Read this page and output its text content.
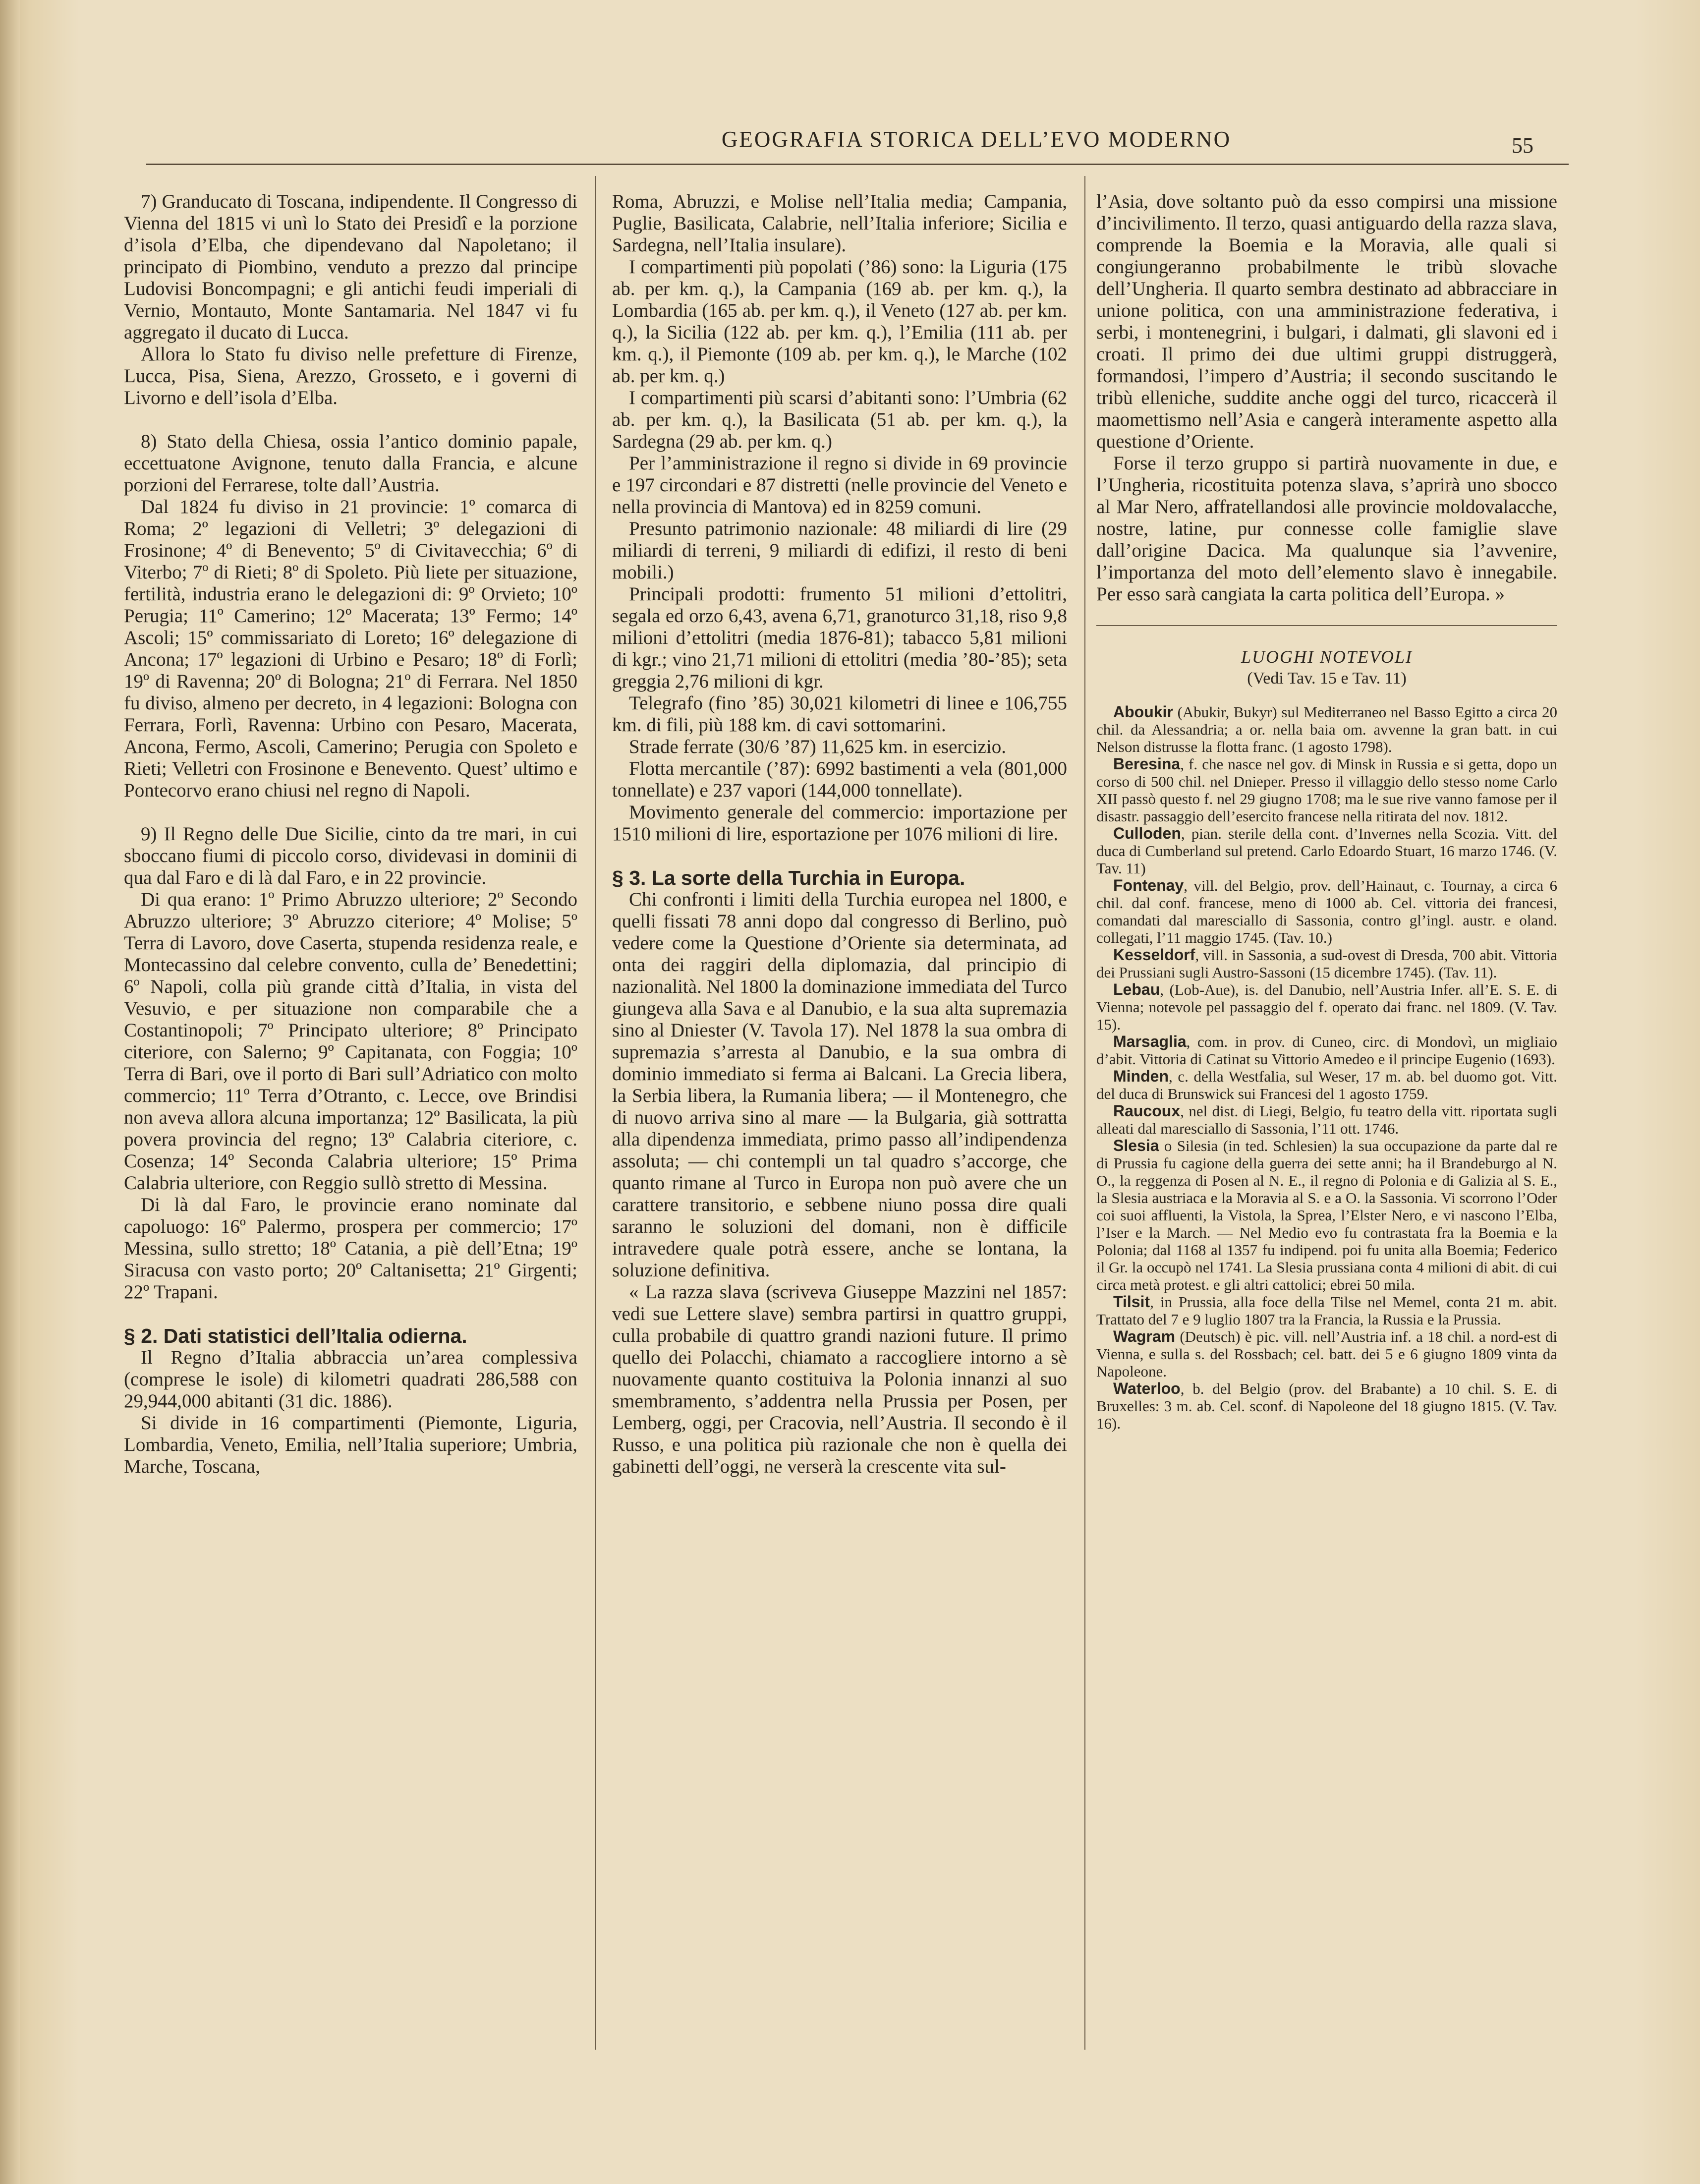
GEOGRAFIA STORICA DELL’EVO MODERNO	55

7) Granducato di Toscana, indipendente. Il Congresso di Vienna del 1815 vi unì lo Stato dei Presidî e la porzione d’isola d’Elba, che dipendevano dal Napoletano; il principato di Piombino, venduto a prezzo dal principe Ludovisi Boncompagni; e gli antichi feudi imperiali di Vernio, Montauto, Monte Santamaria. Nel 1847 vi fu aggregato il ducato di Lucca.

Allora lo Stato fu diviso nelle prefetture di Firenze, Lucca, Pisa, Siena, Arezzo, Grosseto, e i governi di Livorno e dell’isola d’Elba.

8) Stato della Chiesa, ossia l’antico dominio papale, eccettuatone Avignone, tenuto dalla Francia, e alcune porzioni del Ferrarese, tolte dall’Austria.

Dal 1824 fu diviso in 21 provincie: 1º comarca di Roma; 2º legazioni di Velletri; 3º delegazioni di Frosinone; 4º di Benevento; 5º di Civitavecchia; 6º di Viterbo; 7º di Rieti; 8º di Spoleto. Più liete per situazione, fertilità, industria erano le delegazioni di: 9º Orvieto; 10º Perugia; 11º Camerino; 12º Macerata; 13º Fermo; 14º Ascoli; 15º commissariato di Loreto; 16º delegazione di Ancona; 17º legazioni di Urbino e Pesaro; 18º di Forlì; 19º di Ravenna; 20º di Bologna; 21º di Ferrara. Nel 1850 fu diviso, almeno per decreto, in 4 legazioni: Bologna con Ferrara, Forlì, Ravenna: Urbino con Pesaro, Macerata, Ancona, Fermo, Ascoli, Camerino; Perugia con Spoleto e Rieti; Velletri con Frosinone e Benevento. Quest’ ultimo e Pontecorvo erano chiusi nel regno di Napoli.

9) Il Regno delle Due Sicilie, cinto da tre mari, in cui sboccano fiumi di piccolo corso, dividevasi in dominii di qua dal Faro e di là dal Faro, e in 22 provincie.

Di qua erano: 1º Primo Abruzzo ulteriore; 2º Secondo Abruzzo ulteriore; 3º Abruzzo citeriore; 4º Molise; 5º Terra di Lavoro, dove Caserta, stupenda residenza reale, e Montecassino dal celebre convento, culla de’ Benedettini; 6º Napoli, colla più grande città d’Italia, in vista del Vesuvio, e per situazione non comparabile che a Costantinopoli; 7º Principato ulteriore; 8º Principato citeriore, con Salerno; 9º Capitanata, con Foggia; 10º Terra di Bari, ove il porto di Bari sull’Adriatico con molto commercio; 11º Terra d’Otranto, c. Lecce, ove Brindisi non aveva allora alcuna importanza; 12º Basilicata, la più povera provincia del regno; 13º Calabria citeriore, c. Cosenza; 14º Seconda Calabria ulteriore; 15º Prima Calabria ulteriore, con Reggio sullò stretto di Messina.

Di là dal Faro, le provincie erano nominate dal capoluogo: 16º Palermo, prospera per commercio; 17º Messina, sullo stretto; 18º Catania, a piè dell’Etna; 19º Siracusa con vasto porto; 20º Caltanisetta; 21º Girgenti; 22º Trapani.

§ 2. Dati statistici dell’Italia odierna.

Il Regno d’Italia abbraccia un’area complessiva (comprese le isole) di kilometri quadrati 286,588 con 29,944,000 abitanti (31 dic. 1886).

Si divide in 16 compartimenti (Piemonte, Liguria, Lombardia, Veneto, Emilia, nell’Italia superiore; Umbria, Marche, Toscana,

Roma, Abruzzi, e Molise nell’Italia media; Campania, Puglie, Basilicata, Calabrie, nell’Italia inferiore; Sicilia e Sardegna, nell’Italia insulare).

I compartimenti più popolati (’86) sono: la Liguria (175 ab. per km. q.), la Campania (169 ab. per km. q.), la Lombardia (165 ab. per km. q.), il Veneto (127 ab. per km. q.), la Sicilia (122 ab. per km. q.), l’Emilia (111 ab. per km. q.), il Piemonte (109 ab. per km. q.), le Marche (102 ab. per km. q.)

I compartimenti più scarsi d’abitanti sono: l’Umbria (62 ab. per km. q.), la Basilicata (51 ab. per km. q.), la Sardegna (29 ab. per km. q.)

Per l’amministrazione il regno si divide in 69 provincie e 197 circondari e 87 distretti (nelle provincie del Veneto e nella provincia di Mantova) ed in 8259 comuni.

Presunto patrimonio nazionale: 48 miliardi di lire (29 miliardi di terreni, 9 miliardi di edifizi, il resto di beni mobili.)

Principali prodotti: frumento 51 milioni d’ettolitri, segala ed orzo 6,43, avena 6,71, granoturco 31,18, riso 9,8 milioni d’ettolitri (media 1876-81); tabacco 5,81 milioni di kgr.; vino 21,71 milioni di ettolitri (media ’80-’85); seta greggia 2,76 milioni di kgr.

Telegrafo (fino ’85) 30,021 kilometri di linee e 106,755 km. di fili, più 188 km. di cavi sottomarini.

Strade ferrate (30/6 ’87) 11,625 km. in esercizio.

Flotta mercantile (’87): 6992 bastimenti a vela (801,000 tonnellate) e 237 vapori (144,000 tonnellate).

Movimento generale del commercio: importazione per 1510 milioni di lire, esportazione per 1076 milioni di lire.

§ 3. La sorte della Turchia in Europa.

Chi confronti i limiti della Turchia europea nel 1800, e quelli fissati 78 anni dopo dal congresso di Berlino, può vedere come la Questione d’Oriente sia determinata, ad onta dei raggiri della diplomazia, dal principio di nazionalità. Nel 1800 la dominazione immediata del Turco giungeva alla Sava e al Danubio, e la sua alta supremazia sino al Dniester (V. Tavola 17). Nel 1878 la sua ombra di supremazia s’arresta al Danubio, e la sua ombra di dominio immediato si ferma ai Balcani. La Grecia libera, la Serbia libera, la Rumania libera; — il Montenegro, che di nuovo arriva sino al mare — la Bulgaria, già sottratta alla dipendenza immediata, primo passo all’indipendenza assoluta; — chi contempli un tal quadro s’accorge, che quanto rimane al Turco in Europa non può avere che un carattere transitorio, e sebbene niuno possa dire quali saranno le soluzioni del domani, non è difficile intravedere quale potrà essere, anche se lontana, la soluzione definitiva.

« La razza slava (scriveva Giuseppe Mazzini nel 1857: vedi sue Lettere slave) sembra partirsi in quattro gruppi, culla probabile di quattro grandi nazioni future. Il primo quello dei Polacchi, chiamato a raccogliere intorno a sè nuovamente quanto costituiva la Polonia innanzi al suo smembramento, s’addentra nella Prussia per Posen, per Lemberg, oggi, per Cracovia, nell’Austria. Il secondo è il Russo, e una politica più razionale che non è quella dei gabinetti dell’oggi, ne verserà la crescente vita sul-

l’Asia, dove soltanto può da esso compirsi una missione d’incivilimento. Il terzo, quasi antiguardo della razza slava, comprende la Boemia e la Moravia, alle quali si congiungeranno probabilmente le tribù slovache dell’Ungheria. Il quarto sembra destinato ad abbracciare in unione politica, con una amministrazione federativa, i serbi, i montenegrini, i bulgari, i dalmati, gli slavoni ed i croati. Il primo dei due ultimi gruppi distruggerà, formandosi, l’impero d’Austria; il secondo suscitando le tribù elleniche, suddite anche oggi del turco, ricaccerà il maomettismo nell’Asia e cangerà interamente aspetto alla questione d’Oriente.

Forse il terzo gruppo si partirà nuovamente in due, e l’Ungheria, ricostituita potenza slava, s’aprirà uno sbocco al Mar Nero, affratellandosi alle provincie moldovalacche, nostre, latine, pur connesse colle famiglie slave dall’origine Dacica. Ma qualunque sia l’avvenire, l’importanza del moto dell’elemento slavo è innegabile. Per esso sarà cangiata la carta politica dell’Europa. »

LUOGHI NOTEVOLI
(Vedi Tav. 15 e Tav. 11)

Aboukir (Abukir, Bukyr) sul Mediterraneo nel Basso Egitto a circa 20 chil. da Alessandria; a or. nella baia om. avvenne la gran batt. in cui Nelson distrusse la flotta franc. (1 agosto 1798).

Beresina, f. che nasce nel gov. di Minsk in Russia e si getta, dopo un corso di 500 chil. nel Dnieper. Presso il villaggio dello stesso nome Carlo XII passò questo f. nel 29 giugno 1708; ma le sue rive vanno famose per il disastr. passaggio dell’esercito francese nella ritirata del nov. 1812.

Culloden, pian. sterile della cont. d’Invernes nella Scozia. Vitt. del duca di Cumberland sul pretend. Carlo Edoardo Stuart, 16 marzo 1746. (V. Tav. 11)

Fontenay, vill. del Belgio, prov. dell’Hainaut, c. Tournay, a circa 6 chil. dal conf. francese, meno di 1000 ab. Cel. vittoria dei francesi, comandati dal maresciallo di Sassonia, contro gl’ingl. austr. e oland. collegati, l’11 maggio 1745. (Tav. 10.)

Kesseldorf, vill. in Sassonia, a sud-ovest di Dresda, 700 abit. Vittoria dei Prussiani sugli Austro-Sassoni (15 dicembre 1745). (Tav. 11).

Lebau, (Lob-Aue), is. del Danubio, nell’Austria Infer. all’E. S. E. di Vienna; notevole pel passaggio del f. operato dai franc. nel 1809. (V. Tav. 15).

Marsaglia, com. in prov. di Cuneo, circ. di Mondovì, un migliaio d’abit. Vittoria di Catinat su Vittorio Amedeo e il principe Eugenio (1693).

Minden, c. della Westfalia, sul Weser, 17 m. ab. bel duomo got. Vitt. del duca di Brunswick sui Francesi del 1 agosto 1759.

Raucoux, nel dist. di Liegi, Belgio, fu teatro della vitt. riportata sugli alleati dal maresciallo di Sassonia, l’11 ott. 1746.

Slesia o Silesia (in ted. Schlesien) la sua occupazione da parte dal re di Prussia fu cagione della guerra dei sette anni; ha il Brandeburgo al N. O., la reggenza di Posen al N. E., il regno di Polonia e di Galizia al S. E., la Slesia austriaca e la Moravia al S. e a O. la Sassonia. Vi scorrono l’Oder coi suoi affluenti, la Vistola, la Sprea, l’Elster Nero, e vi nascono l’Elba, l’Iser e la March. — Nel Medio evo fu contrastata fra la Boemia e la Polonia; dal 1168 al 1357 fu indipend. poi fu unita alla Boemia; Federico il Gr. la occupò nel 1741. La Slesia prussiana conta 4 milioni di abit. di cui circa metà protest. e gli altri cattolici; ebrei 50 mila.

Tilsit, in Prussia, alla foce della Tilse nel Memel, conta 21 m. abit. Trattato del 7 e 9 luglio 1807 tra la Francia, la Russia e la Prussia.

Wagram (Deutsch) è pic. vill. nell’Austria inf. a 18 chil. a nord-est di Vienna, e sulla s. del Rossbach; cel. batt. dei 5 e 6 giugno 1809 vinta da Napoleone.

Waterloo, b. del Belgio (prov. del Brabante) a 10 chil. S. E. di Bruxelles: 3 m. ab. Cel. sconf. di Napoleone del 18 giugno 1815. (V. Tav. 16).
